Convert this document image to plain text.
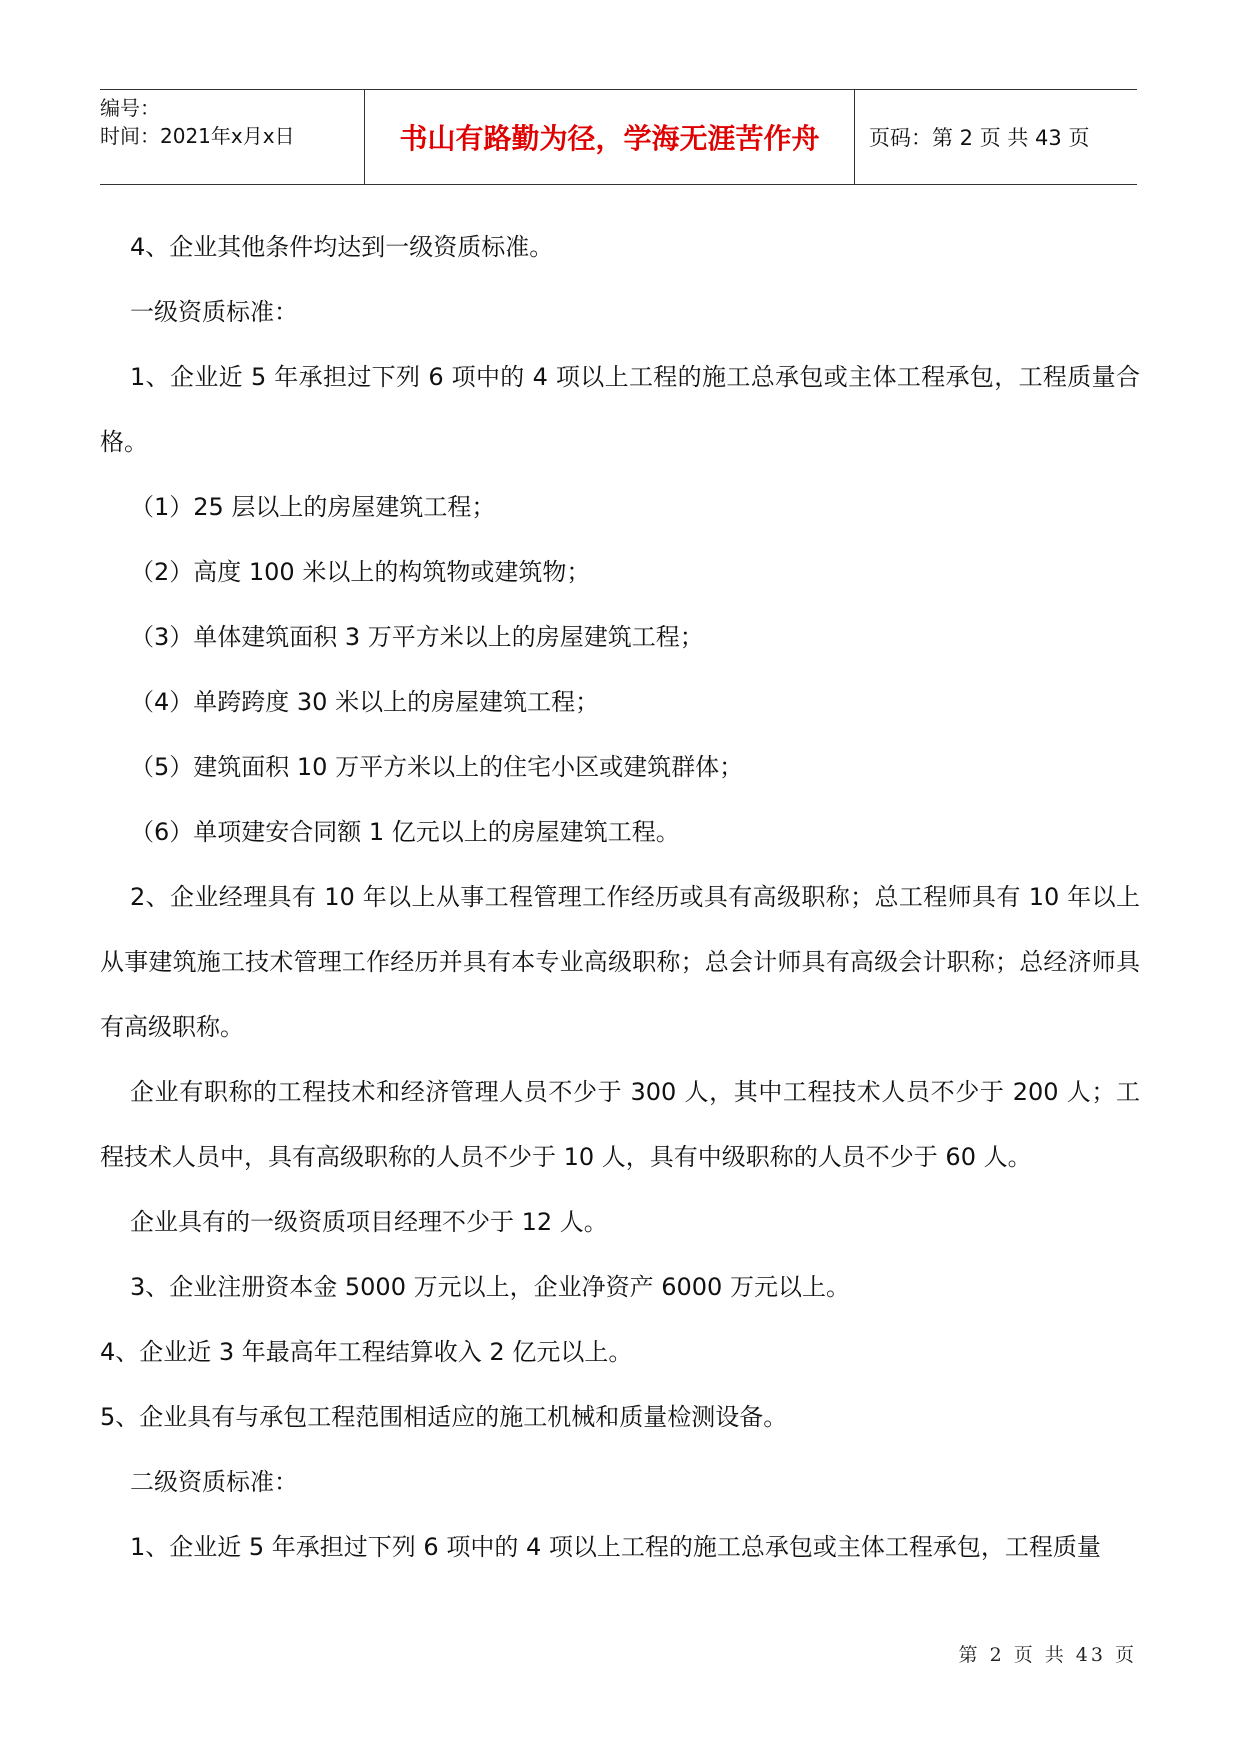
编号：
时间：2021年x月x日	书山有路勤为径，学海无涯苦作舟	页码：第 2 页 共 43 页

4、企业其他条件均达到一级资质标准。

一级资质标准：

1、企业近 5 年承担过下列 6 项中的 4 项以上工程的施工总承包或主体工程承包，工程质量合格。

（1）25 层以上的房屋建筑工程；

（2）高度 100 米以上的构筑物或建筑物；

（3）单体建筑面积 3 万平方米以上的房屋建筑工程；

（4）单跨跨度 30 米以上的房屋建筑工程；

（5）建筑面积 10 万平方米以上的住宅小区或建筑群体；

（6）单项建安合同额 1 亿元以上的房屋建筑工程。

2、企业经理具有 10 年以上从事工程管理工作经历或具有高级职称；总工程师具有 10 年以上从事建筑施工技术管理工作经历并具有本专业高级职称；总会计师具有高级会计职称；总经济师具有高级职称。

企业有职称的工程技术和经济管理人员不少于 300 人，其中工程技术人员不少于 200 人；工程技术人员中，具有高级职称的人员不少于 10 人，具有中级职称的人员不少于 60 人。

企业具有的一级资质项目经理不少于 12 人。

3、企业注册资本金 5000 万元以上，企业净资产 6000 万元以上。

4、企业近 3 年最高年工程结算收入 2 亿元以上。

5、企业具有与承包工程范围相适应的施工机械和质量检测设备。

二级资质标准：

1、企业近 5 年承担过下列 6 项中的 4 项以上工程的施工总承包或主体工程承包，工程质量

第 2 页 共 43 页
